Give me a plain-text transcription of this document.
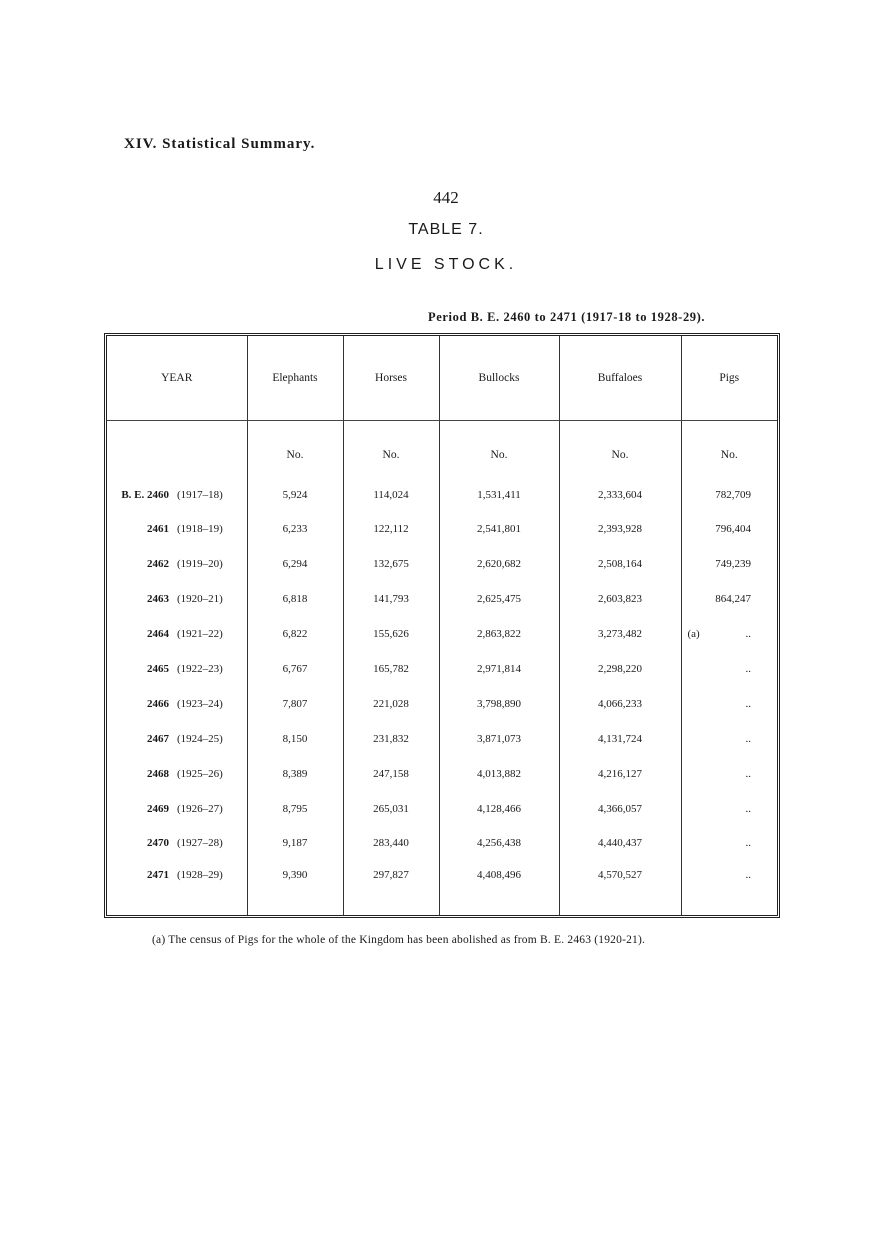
XIV. Statistical Summary.
442
TABLE 7.
LIVE STOCK.
Period B. E. 2460 to 2471 (1917-18 to 1928-29).
YEAR	Elephants	Horses	Bullocks	Buffaloes	Pigs
	No.	No.	No.	No.	No.
B. E. 2460 (1917–18)	5,924	114,024	1,531,411	2,333,604	782,709
2461 (1918–19)	6,233	122,112	2,541,801	2,393,928	796,404
2462 (1919–20)	6,294	132,675	2,620,682	2,508,164	749,239
2463 (1920–21)	6,818	141,793	2,625,475	2,603,823	864,247
2464 (1921–22)	6,822	155,626	2,863,822	3,273,482	(a) ..
2465 (1922–23)	6,767	165,782	2,971,814	2,298,220	..
2466 (1923–24)	7,807	221,028	3,798,890	4,066,233	..
2467 (1924–25)	8,150	231,832	3,871,073	4,131,724	..
2468 (1925–26)	8,389	247,158	4,013,882	4,216,127	..
2469 (1926–27)	8,795	265,031	4,128,466	4,366,057	..
2470 (1927–28)	9,187	283,440	4,256,438	4,440,437	..
2471 (1928–29)	9,390	297,827	4,408,496	4,570,527	..
(a) The census of Pigs for the whole of the Kingdom has been abolished as from B. E. 2463 (1920-21).
